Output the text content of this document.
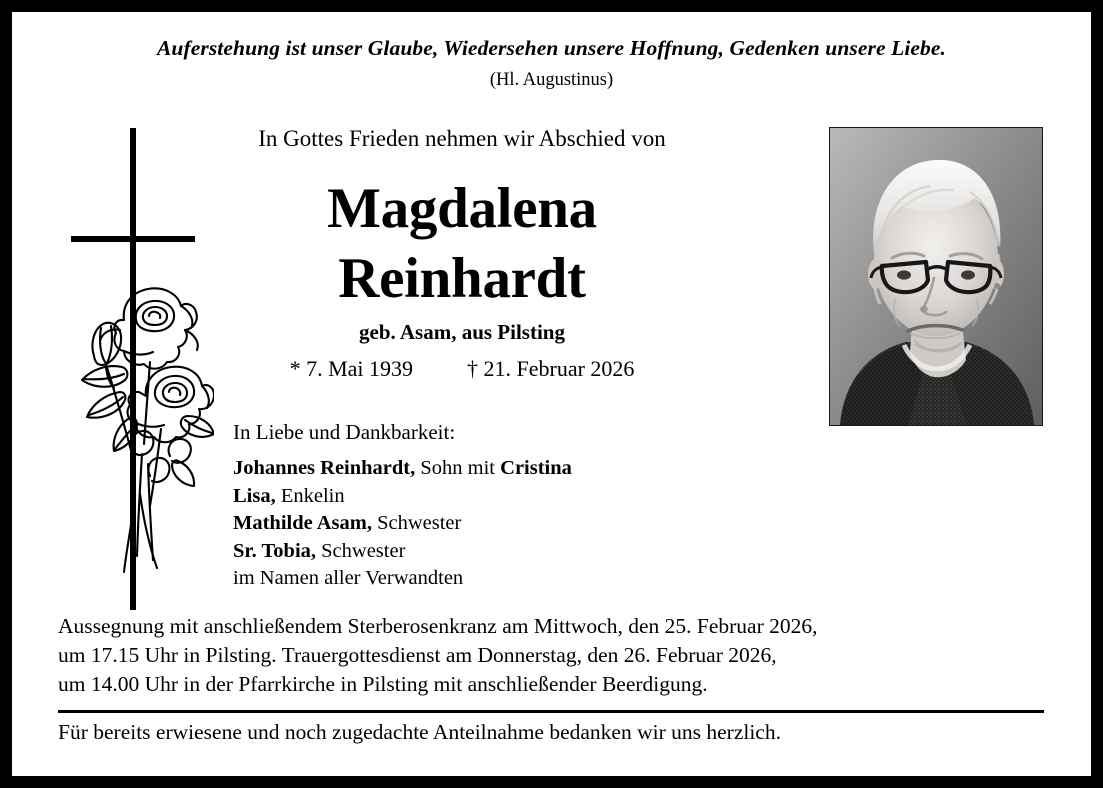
Auferstehung ist unser Glaube, Wiedersehen unsere Hoffnung, Gedenken unsere Liebe.
(Hl. Augustinus)
In Gottes Frieden nehmen wir Abschied von
Magdalena
Reinhardt
geb. Asam, aus Pilsting
* 7. Mai 1939 † 21. Februar 2026
In Liebe und Dankbarkeit:
Johannes Reinhardt, Sohn mit Cristina
Lisa, Enkelin
Mathilde Asam, Schwester
Sr. Tobia, Schwester
im Namen aller Verwandten
Aussegnung mit anschließendem Sterberosenkranz am Mittwoch, den 25. Februar 2026,
um 17.15 Uhr in Pilsting. Trauergottesdienst am Donnerstag, den 26. Februar 2026,
um 14.00 Uhr in der Pfarrkirche in Pilsting mit anschließender Beerdigung.
Für bereits erwiesene und noch zugedachte Anteilnahme bedanken wir uns herzlich.
